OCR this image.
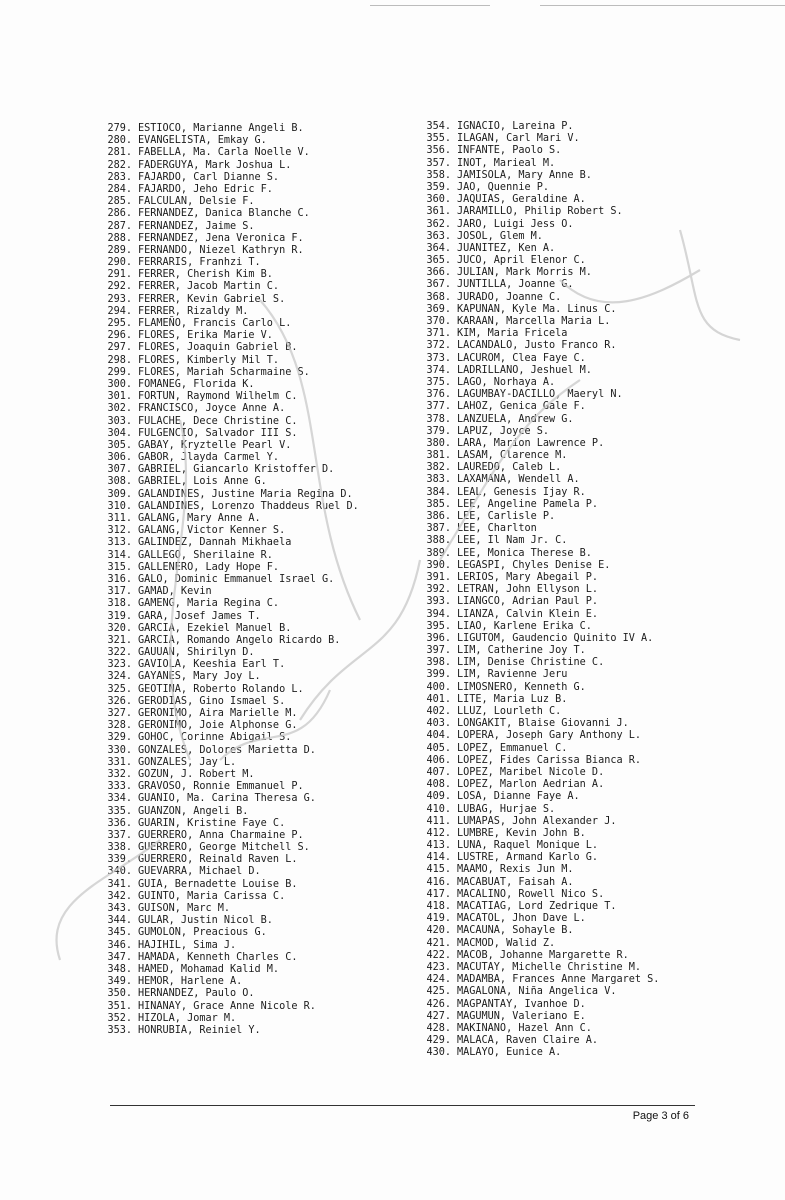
279. ESTIOCO, Marianne Angeli B.
280. EVANGELISTA, Emkay G.
281. FABELLA, Ma. Carla Noelle V.
282. FADERGUYA, Mark Joshua L.
283. FAJARDO, Carl Dianne S.
284. FAJARDO, Jeho Edric F.
285. FALCULAN, Delsie F.
286. FERNANDEZ, Danica Blanche C.
287. FERNANDEZ, Jaime S.
288. FERNANDEZ, Jena Veronica F.
289. FERNANDO, Niezel Kathryn R.
290. FERRARIS, Franhzi T.
291. FERRER, Cherish Kim B.
292. FERRER, Jacob Martin C.
293. FERRER, Kevin Gabriel S.
294. FERRER, Rizaldy M.
295. FLAMEÑO, Francis Carlo L.
296. FLORES, Erika Marie V.
297. FLORES, Joaquin Gabriel B.
298. FLORES, Kimberly Mil T.
299. FLORES, Mariah Scharmaine S.
300. FOMANEG, Florida K.
301. FORTUN, Raymond Wilhelm C.
302. FRANCISCO, Joyce Anne A.
303. FULACHE, Dece Christine C.
304. FULGENCIO, Salvador III S.
305. GABAY, Kryztelle Pearl V.
306. GABOR, Jlayda Carmel Y.
307. GABRIEL, Giancarlo Kristoffer D.
308. GABRIEL, Lois Anne G.
309. GALANDINES, Justine Maria Regina D.
310. GALANDINES, Lorenzo Thaddeus Ruel D.
311. GALANG, Mary Anne A.
312. GALANG, Victor Kenner S.
313. GALINDEZ, Dannah Mikhaela
314. GALLEGO, Sherilaine R.
315. GALLENERO, Lady Hope F.
316. GALO, Dominic Emmanuel Israel G.
317. GAMAD, Kevin
318. GAMENG, Maria Regina C.
319. GARA, Josef James T.
320. GARCIA, Ezekiel Manuel B.
321. GARCIA, Romando Angelo Ricardo B.
322. GAUUAN, Shirilyn D.
323. GAVIOLA, Keeshia Earl T.
324. GAYANES, Mary Joy L.
325. GEOTINA, Roberto Rolando L.
326. GERODIAS, Gino Ismael S.
327. GERONIMO, Aira Marielle M.
328. GERONIMO, Joie Alphonse G.
329. GOHOC, Corinne Abigail S.
330. GONZALES, Dolores Marietta D.
331. GONZALES, Jay L.
332. GOZUN, J. Robert M.
333. GRAVOSO, Ronnie Emmanuel P.
334. GUANIO, Ma. Carina Theresa G.
335. GUANZON, Angeli B.
336. GUARIN, Kristine Faye C.
337. GUERRERO, Anna Charmaine P.
338. GUERRERO, George Mitchell S.
339. GUERRERO, Reinald Raven L.
340. GUEVARRA, Michael D.
341. GUIA, Bernadette Louise B.
342. GUINTO, Maria Carissa C.
343. GUISON, Marc M.
344. GULAR, Justin Nicol B.
345. GUMOLON, Preacious G.
346. HAJIHIL, Sima J.
347. HAMADA, Kenneth Charles C.
348. HAMED, Mohamad Kalid M.
349. HEMOR, Harlene A.
350. HERNANDEZ, Paulo O.
351. HINANAY, Grace Anne Nicole R.
352. HIZOLA, Jomar M.
353. HONRUBIA, Reiniel Y.
354. IGNACIO, Lareina P.
355. ILAGAN, Carl Mari V.
356. INFANTE, Paolo S.
357. INOT, Marieal M.
358. JAMISOLA, Mary Anne B.
359. JAO, Quennie P.
360. JAQUIAS, Geraldine A.
361. JARAMILLO, Philip Robert S.
362. JARO, Luigi Jess O.
363. JOSOL, Glem M.
364. JUANITEZ, Ken A.
365. JUCO, April Elenor C.
366. JULIAN, Mark Morris M.
367. JUNTILLA, Joanne G.
368. JURADO, Joanne C.
369. KAPUNAN, Kyle Ma. Linus C.
370. KARAAN, Marcella Maria L.
371. KIM, Maria Fricela
372. LACANDALO, Justo Franco R.
373. LACUROM, Clea Faye C.
374. LADRILLANO, Jeshuel M.
375. LAGO, Norhaya A.
376. LAGUMBAY-DACILLO, Maeryl N.
377. LAHOZ, Genica Gale F.
378. LANZUELA, Andrew G.
379. LAPUZ, Joyce S.
380. LARA, Marion Lawrence P.
381. LASAM, Clarence M.
382. LAUREDO, Caleb L.
383. LAXAMANA, Wendell A.
384. LEAL, Genesis Ijay R.
385. LEE, Angeline Pamela P.
386. LEE, Carlisle P.
387. LEE, Charlton
388. LEE, Il Nam Jr. C.
389. LEE, Monica Therese B.
390. LEGASPI, Chyles Denise E.
391. LERIOS, Mary Abegail P.
392. LETRAN, John Ellyson L.
393. LIANGCO, Adrian Paul P.
394. LIANZA, Calvin Klein E.
395. LIAO, Karlene Erika C.
396. LIGUTOM, Gaudencio Quinito IV A.
397. LIM, Catherine Joy T.
398. LIM, Denise Christine C.
399. LIM, Ravienne Jeru
400. LIMOSNERO, Kenneth G.
401. LITE, Maria Luz B.
402. LLUZ, Lourleth C.
403. LONGAKIT, Blaise Giovanni J.
404. LOPERA, Joseph Gary Anthony L.
405. LOPEZ, Emmanuel C.
406. LOPEZ, Fides Carissa Bianca R.
407. LOPEZ, Maribel Nicole D.
408. LOPEZ, Marlon Aedrian A.
409. LOSA, Dianne Faye A.
410. LUBAG, Hurjae S.
411. LUMAPAS, John Alexander J.
412. LUMBRE, Kevin John B.
413. LUNA, Raquel Monique L.
414. LUSTRE, Armand Karlo G.
415. MAAMO, Rexis Jun M.
416. MACABUAT, Faisah A.
417. MACALINO, Rowell Nico S.
418. MACATIAG, Lord Zedrique T.
419. MACATOL, Jhon Dave L.
420. MACAUNA, Sohayle B.
421. MACMOD, Walid Z.
422. MACOB, Johanne Margarette R.
423. MACUTAY, Michelle Christine M.
424. MADAMBA, Frances Anne Margaret S.
425. MAGALONA, Niña Angelica V.
426. MAGPANTAY, Ivanhoe D.
427. MAGUMUN, Valeriano E.
428. MAKINANO, Hazel Ann C.
429. MALACA, Raven Claire A.
430. MALAYO, Eunice A.
Page 3 of 6
